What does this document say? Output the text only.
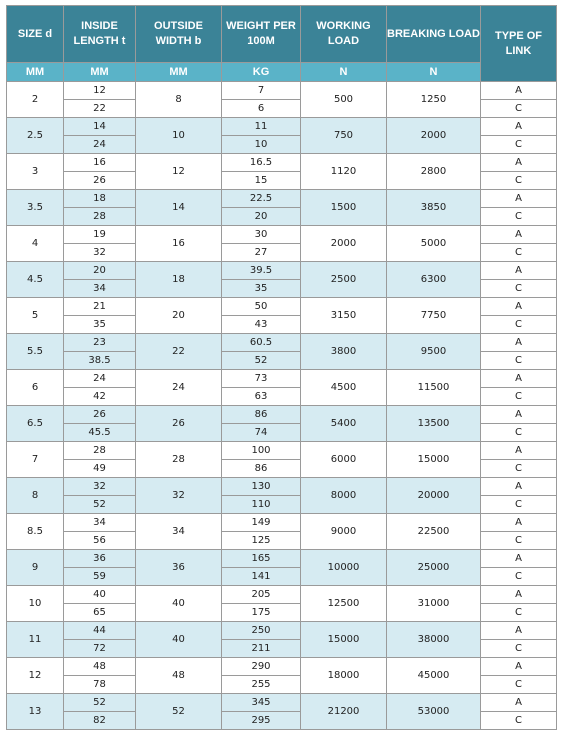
SIZE d	INSIDE LENGTH t	OUTSIDE WIDTH b	WEIGHT PER 100M	WORKING LOAD	BREAKING LOAD	TYPE OF LINK
MM	MM	MM	KG	N	N	
2	12	8	7	500	1250	A
	22		6			C
2.5	14	10	11	750	2000	A
	24		10			C
3	16	12	16.5	1120	2800	A
	26		15			C
3.5	18	14	22.5	1500	3850	A
	28		20			C
4	19	16	30	2000	5000	A
	32		27			C
4.5	20	18	39.5	2500	6300	A
	34		35			C
5	21	20	50	3150	7750	A
	35		43			C
5.5	23	22	60.5	3800	9500	A
	38.5		52			C
6	24	24	73	4500	11500	A
	42		63			C
6.5	26	26	86	5400	13500	A
	45.5		74			C
7	28	28	100	6000	15000	A
	49		86			C
8	32	32	130	8000	20000	A
	52		110			C
8.5	34	34	149	9000	22500	A
	56		125			C
9	36	36	165	10000	25000	A
	59		141			C
10	40	40	205	12500	31000	A
	65		175			C
11	44	40	250	15000	38000	A
	72		211			C
12	48	48	290	18000	45000	A
	78		255			C
13	52	52	345	21200	53000	A
	82		295			C
